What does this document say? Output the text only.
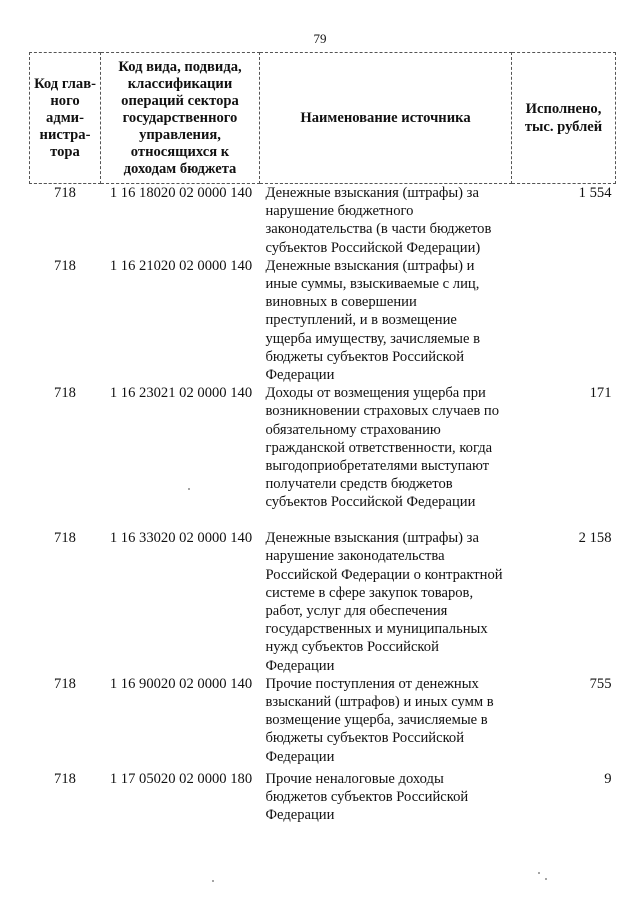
79
Код глав- ного адми- нистра- тора	Код вида, подвида, классификации операций сектора государственного управления, относящихся к доходам бюджета	Наименование источника	Исполнено, тыс. рублей
718	1 16 18020 02 0000 140	Денежные взыскания (штрафы) за нарушение бюджетного законодательства (в части бюджетов субъектов Российской Федерации)	1 554
718	1 16 21020 02 0000 140	Денежные взыскания (штрафы) и иные суммы, взыскиваемые с лиц, виновных в совершении преступлений, и в возмещение ущерба имуществу, зачисляемые в бюджеты субъектов Российской Федерации	
718	1 16 23021 02 0000 140	Доходы от возмещения ущерба при возникновении страховых случаев по обязательному страхованию гражданской ответственности, когда выгодоприобретателями выступают получатели средств бюджетов субъектов Российской Федерации	171
718	1 16 33020 02 0000 140	Денежные взыскания (штрафы) за нарушение законодательства Российской Федерации о контрактной системе в сфере закупок товаров, работ, услуг для обеспечения государственных и муниципальных нужд субъектов Российской Федерации	2 158
718	1 16 90020 02 0000 140	Прочие поступления от денежных взысканий (штрафов) и иных сумм в возмещение ущерба, зачисляемые в бюджеты субъектов Российской Федерации	755
718	1 17 05020 02 0000 180	Прочие неналоговые доходы бюджетов субъектов Российской Федерации	9
